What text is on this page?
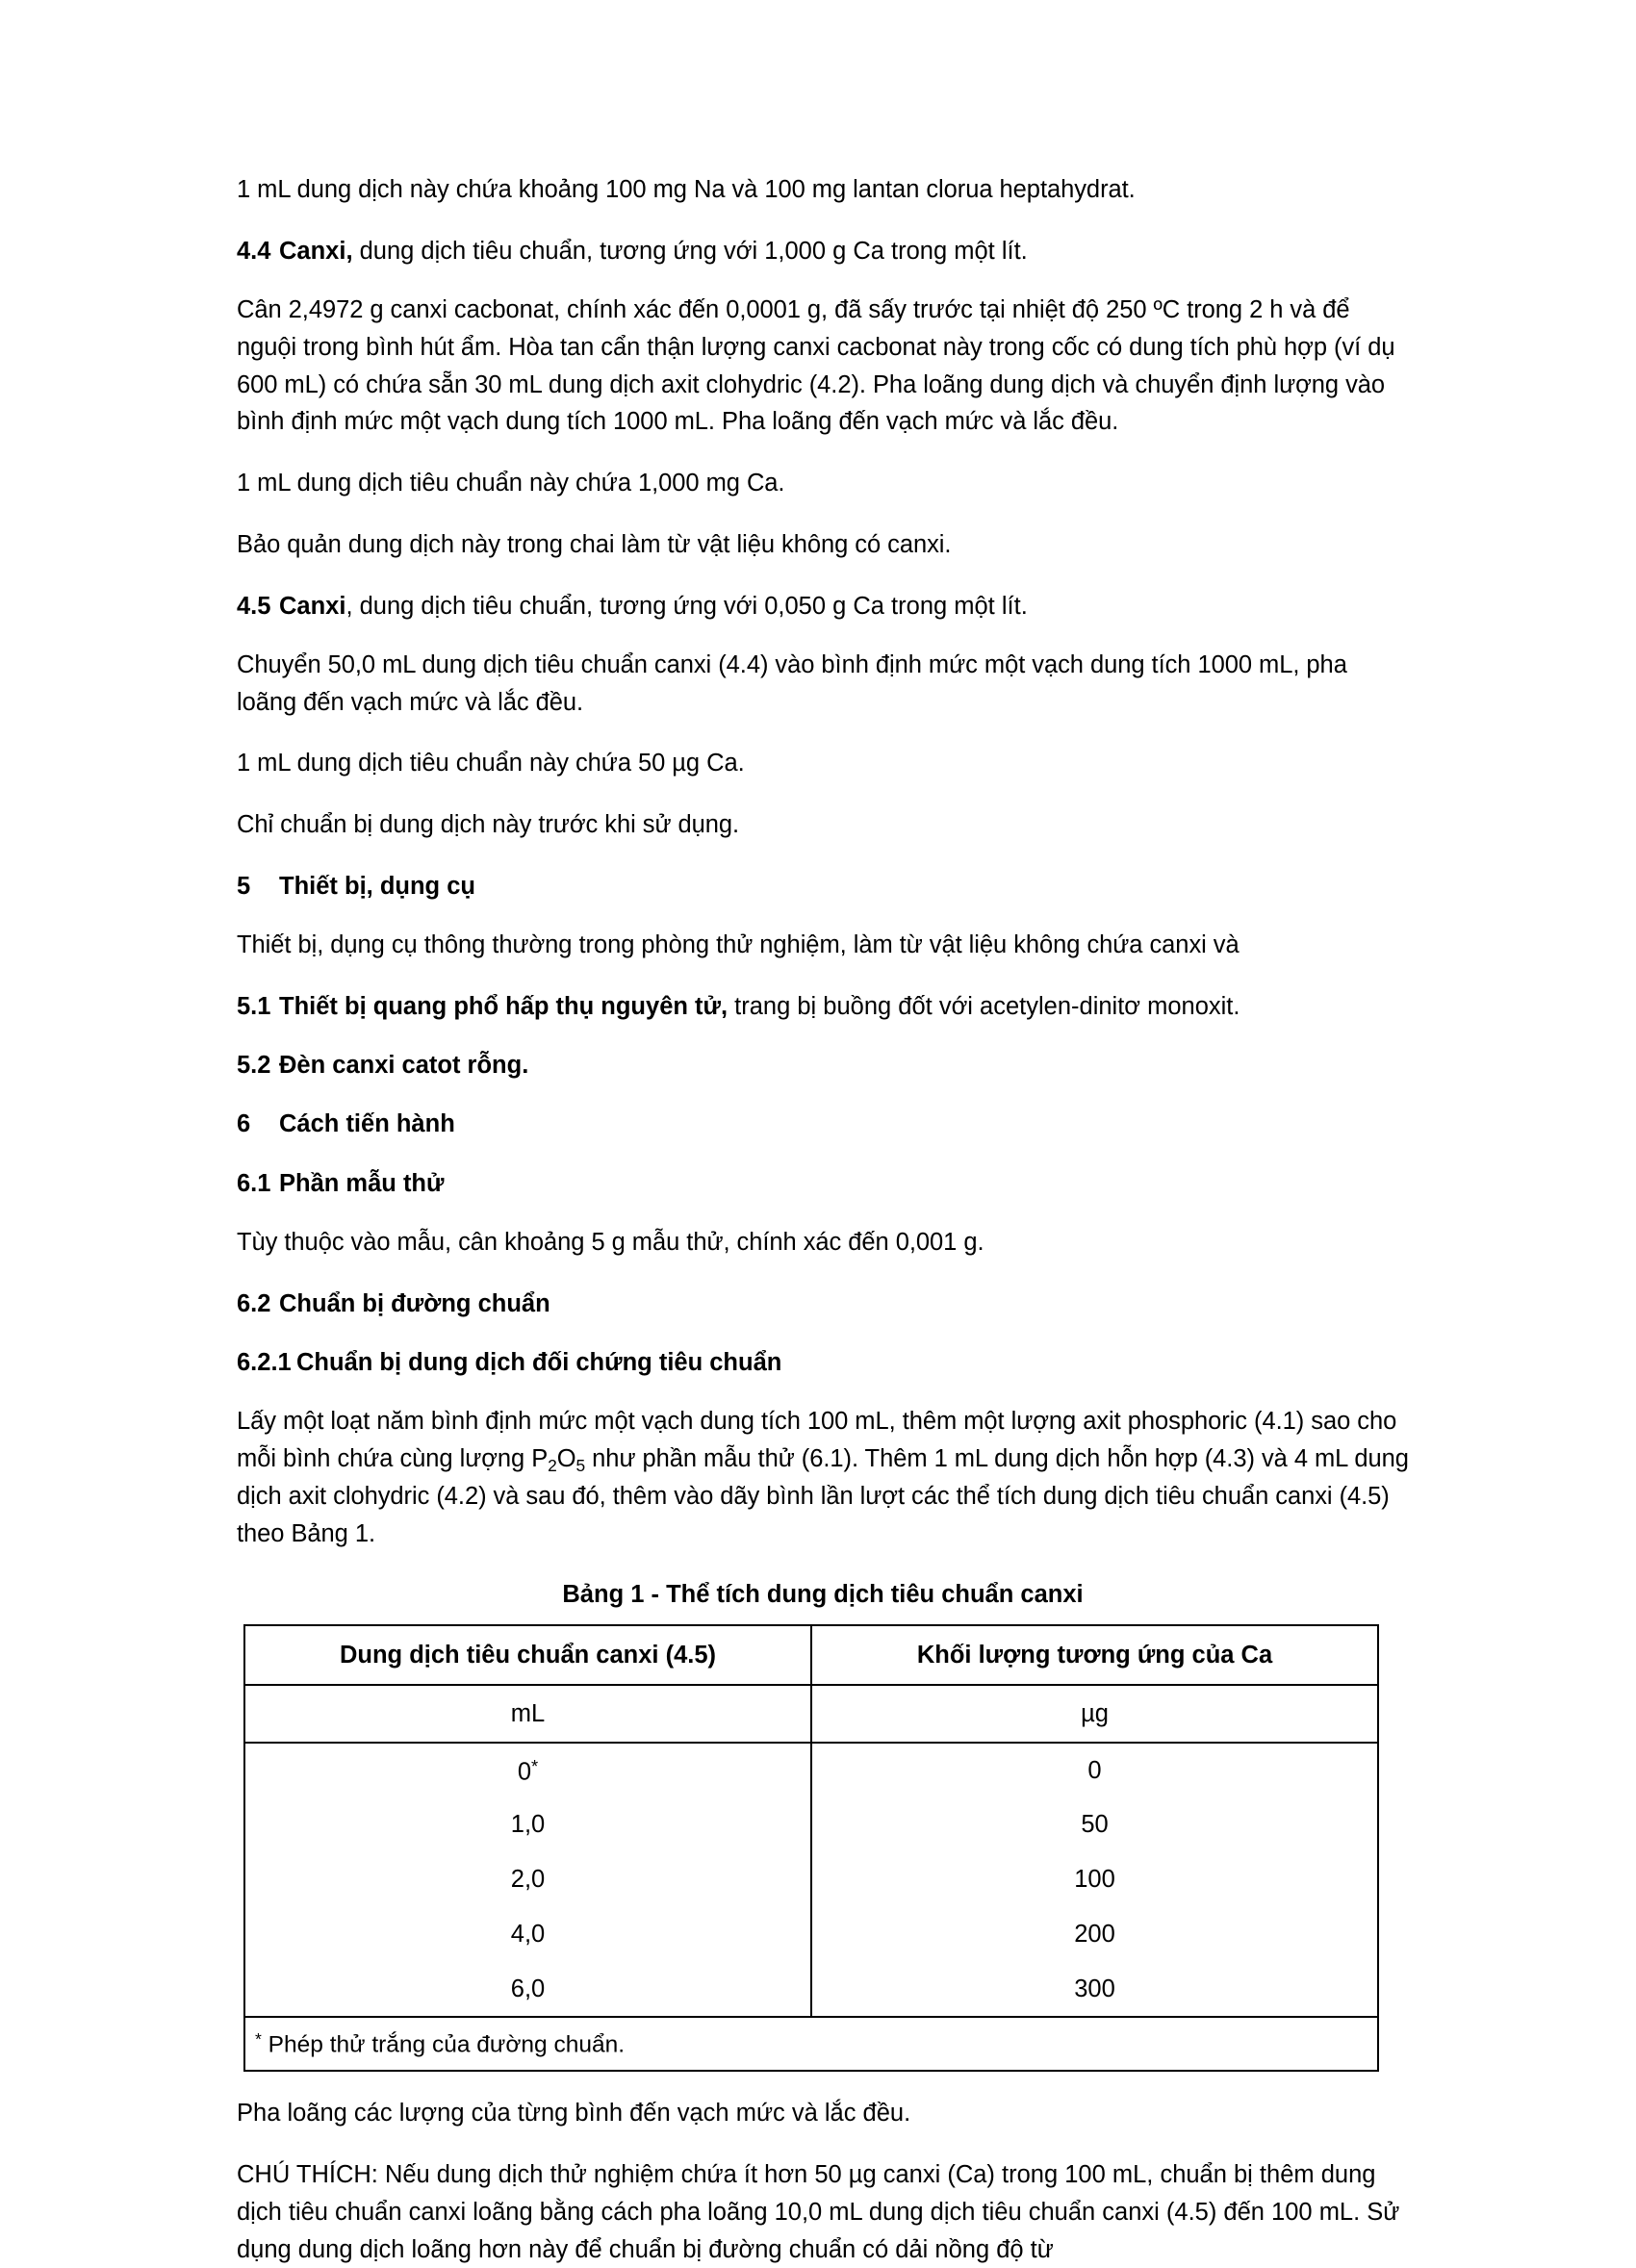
1 mL dung dịch này chứa khoảng 100 mg Na và 100 mg lantan clorua heptahydrat.

4.4 Canxi, dung dịch tiêu chuẩn, tương ứng với 1,000 g Ca trong một lít.

Cân 2,4972 g canxi cacbonat, chính xác đến 0,0001 g, đã sấy trước tại nhiệt độ 250 ºC trong 2 h và để nguội trong bình hút ẩm. Hòa tan cẩn thận lượng canxi cacbonat này trong cốc có dung tích phù hợp (ví dụ 600 mL) có chứa sẵn 30 mL dung dịch axit clohydric (4.2). Pha loãng dung dịch và chuyển định lượng vào bình định mức một vạch dung tích 1000 mL. Pha loãng đến vạch mức và lắc đều.

1 mL dung dịch tiêu chuẩn này chứa 1,000 mg Ca.

Bảo quản dung dịch này trong chai làm từ vật liệu không có canxi.

4.5 Canxi, dung dịch tiêu chuẩn, tương ứng với 0,050 g Ca trong một lít.

Chuyển 50,0 mL dung dịch tiêu chuẩn canxi (4.4) vào bình định mức một vạch dung tích 1000 mL, pha loãng đến vạch mức và lắc đều.

1 mL dung dịch tiêu chuẩn này chứa 50 µg Ca.

Chỉ chuẩn bị dung dịch này trước khi sử dụng.

5 Thiết bị, dụng cụ

Thiết bị, dụng cụ thông thường trong phòng thử nghiệm, làm từ vật liệu không chứa canxi và

5.1 Thiết bị quang phổ hấp thụ nguyên tử, trang bị buồng đốt với acetylen-dinitơ monoxit.

5.2 Đèn canxi catot rỗng.

6 Cách tiến hành

6.1 Phần mẫu thử

Tùy thuộc vào mẫu, cân khoảng 5 g mẫu thử, chính xác đến 0,001 g.

6.2 Chuẩn bị đường chuẩn

6.2.1 Chuẩn bị dung dịch đối chứng tiêu chuẩn

Lấy một loạt năm bình định mức một vạch dung tích 100 mL, thêm một lượng axit phosphoric (4.1) sao cho mỗi bình chứa cùng lượng $P_2O_5$ như phần mẫu thử (6.1). Thêm 1 mL dung dịch hỗn hợp (4.3) và 4 mL dung dịch axit clohydric (4.2) và sau đó, thêm vào dãy bình lần lượt các thể tích dung dịch tiêu chuẩn canxi (4.5) theo Bảng 1.

Bảng 1 - Thể tích dung dịch tiêu chuẩn canxi
Dung dịch tiêu chuẩn canxi (4.5)	Khối lượng tương ứng của Ca
mL	µg
0*	0
1,0	50
2,0	100
4,0	200
6,0	300
* Phép thử trắng của đường chuẩn.	

Pha loãng các lượng của từng bình đến vạch mức và lắc đều.

CHÚ THÍCH: Nếu dung dịch thử nghiệm chứa ít hơn 50 µg canxi (Ca) trong 100 mL, chuẩn bị thêm dung dịch tiêu chuẩn canxi loãng bằng cách pha loãng 10,0 mL dung dịch tiêu chuẩn canxi (4.5) đến 100 mL. Sử dụng dung dịch loãng hơn này để chuẩn bị đường chuẩn có dải nồng độ từ
